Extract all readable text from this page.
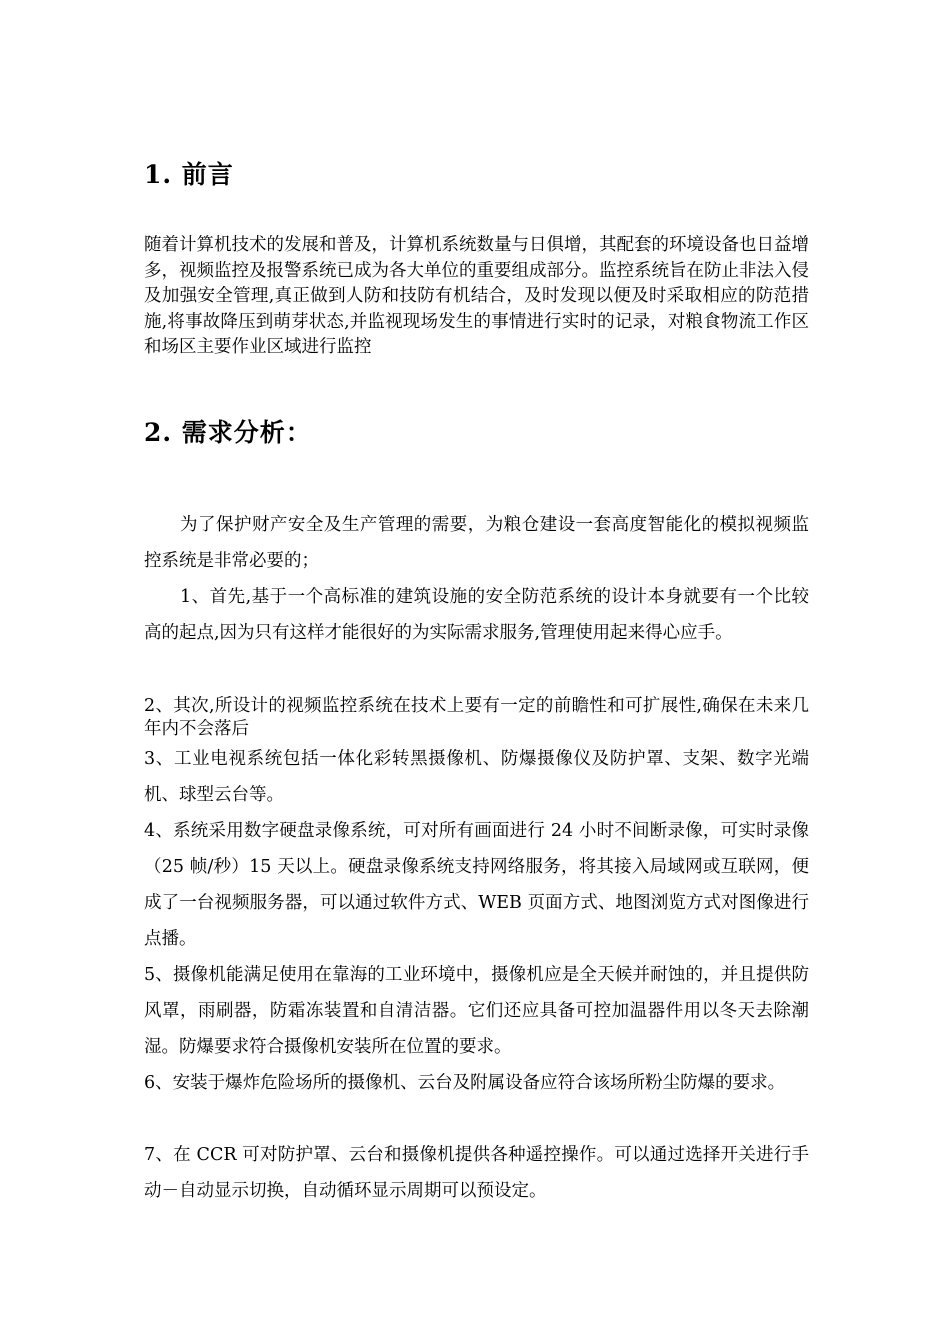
1. 前言

随着计算机技术的发展和普及，计算机系统数量与日俱增，其配套的环境设备也日益增多，视频监控及报警系统已成为各大单位的重要组成部分。监控系统旨在防止非法入侵及加强安全管理,真正做到人防和技防有机结合，及时发现以便及时采取相应的防范措施,将事故降压到萌芽状态,并监视现场发生的事情进行实时的记录，对粮食物流工作区和场区主要作业区域进行监控

2. 需求分析：

为了保护财产安全及生产管理的需要，为粮仓建设一套高度智能化的模拟视频监控系统是非常必要的；

1、首先,基于一个高标准的建筑设施的安全防范系统的设计本身就要有一个比较高的起点,因为只有这样才能很好的为实际需求服务,管理使用起来得心应手。

2、其次,所设计的视频监控系统在技术上要有一定的前瞻性和可扩展性,确保在未来几年内不会落后

3、工业电视系统包括一体化彩转黑摄像机、防爆摄像仪及防护罩、支架、数字光端机、球型云台等。

4、系统采用数字硬盘录像系统，可对所有画面进行 24 小时不间断录像，可实时录像（25 帧/秒）15 天以上。硬盘录像系统支持网络服务，将其接入局域网或互联网，便成了一台视频服务器，可以通过软件方式、WEB 页面方式、地图浏览方式对图像进行点播。

5、摄像机能满足使用在靠海的工业环境中，摄像机应是全天候并耐蚀的，并且提供防风罩，雨刷器，防霜冻装置和自清洁器。它们还应具备可控加温器件用以冬天去除潮湿。防爆要求符合摄像机安装所在位置的要求。

6、安装于爆炸危险场所的摄像机、云台及附属设备应符合该场所粉尘防爆的要求。

7、在 CCR 可对防护罩、云台和摄像机提供各种遥控操作。可以通过选择开关进行手动－自动显示切换，自动循环显示周期可以预设定。
